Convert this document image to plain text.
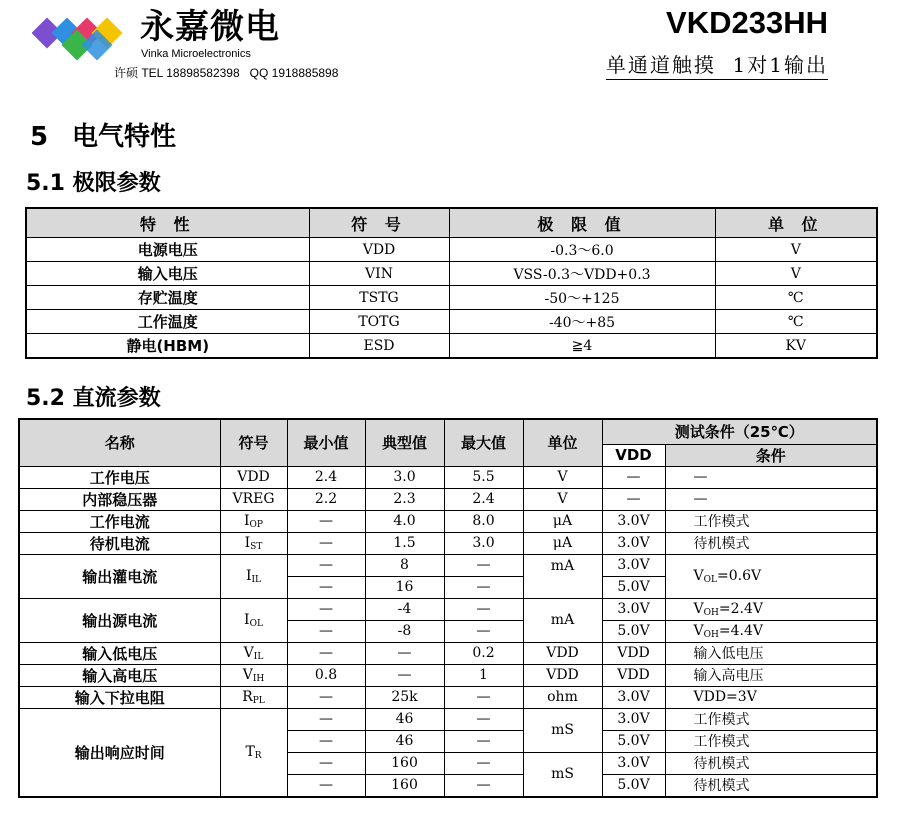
永嘉微电
Vinka Microelectronics
许硕 TEL 18898582398   QQ 1918885898
VKD233HH
单通道触摸  1对1输出
5 电气特性
5.1 极限参数
5.2 直流参数
特 性	符 号	极 限 值	单 位
电源电压	VDD	-0.3～6.0	V
输入电压	VIN	VSS-0.3～VDD+0.3	V
存贮温度	TSTG	-50～+125	℃
工作温度	TOTG	-40～+85	℃
静电(HBM)	ESD	≧4	KV
名称	符号	最小值	典型值	最大值	单位	测试条件（25℃）	
						VDD	条件
工作电压	VDD	2.4	3.0	5.5	V	—	—
内部稳压器	VREG	2.2	2.3	2.4	V	—	—
工作电流	$I_{OP}$	—	4.0	8.0	μA	3.0V	工作模式
待机电流	$I_{ST}$	—	1.5	3.0	μA	3.0V	待机模式
输出灌电流	$I_{IL}$	—	8	—	mA	3.0V	$V_{OL}=0.6V$
		—	16	—		5.0V	
输出源电流	$I_{OL}$	—	-4	—	mA	3.0V	$V_{OH}=2.4V$
		—	-8	—		5.0V	$V_{OH}=4.4V$
输入低电压	$V_{IL}$	—	—	0.2	VDD	VDD	输入低电压
输入高电压	$V_{IH}$	0.8	—	1	VDD	VDD	输入高电压
输入下拉电阻	$R_{PL}$	—	25k	—	ohm	3.0V	VDD=3V
输出响应时间	$T_R$	—	46	—	mS	3.0V	工作模式
		—	46	—		5.0V	工作模式
		—	160	—	mS	3.0V	待机模式
		—	160	—		5.0V	待机模式
